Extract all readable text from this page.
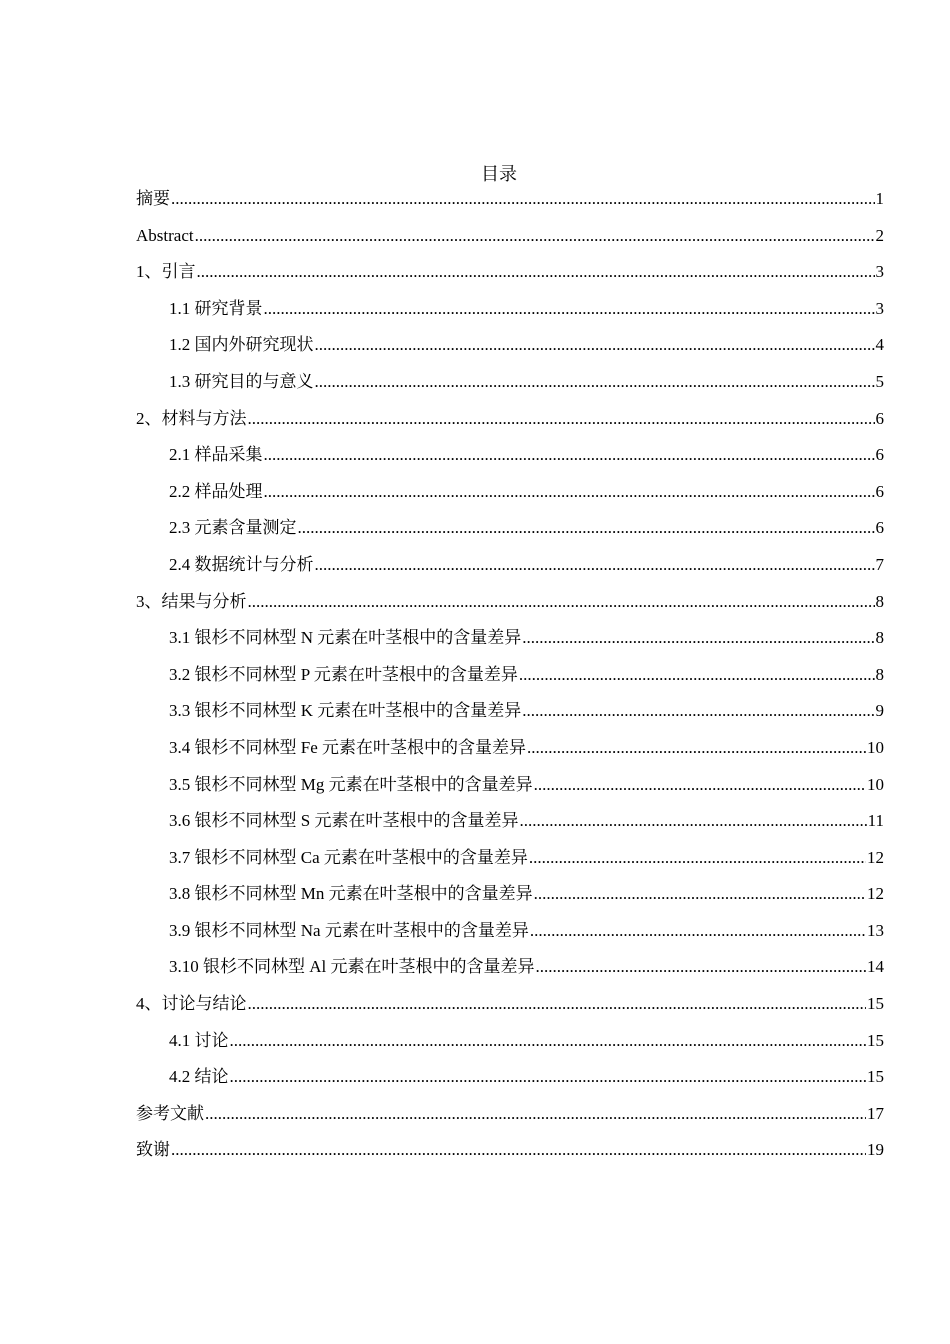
目录
摘要 .....	1
Abstract .....	2
1、引言 .....	3
1.1 研究背景 .....	3
1.2 国内外研究现状 .....	4
1.3 研究目的与意义 .....	5
2、材料与方法 .....	6
2.1 样品采集 .....	6
2.2 样品处理 .....	6
2.3 元素含量测定 .....	6
2.4 数据统计与分析 .....	7
3、结果与分析 .....	8
3.1 银杉不同林型 N 元素在叶茎根中的含量差异 .....	8
3.2 银杉不同林型 P 元素在叶茎根中的含量差异 .....	8
3.3 银杉不同林型 K 元素在叶茎根中的含量差异 .....	9
3.4 银杉不同林型 Fe 元素在叶茎根中的含量差异 .....	10
3.5 银杉不同林型 Mg 元素在叶茎根中的含量差异 .....	10
3.6 银杉不同林型 S 元素在叶茎根中的含量差异 .....	11
3.7 银杉不同林型 Ca 元素在叶茎根中的含量差异 .....	12
3.8 银杉不同林型 Mn 元素在叶茎根中的含量差异 .....	12
3.9 银杉不同林型 Na 元素在叶茎根中的含量差异 .....	13
3.10 银杉不同林型 Al 元素在叶茎根中的含量差异 .....	14
4、讨论与结论 .....	15
4.1 讨论 .....	15
4.2 结论 .....	15
参考文献 .....	17
致谢 .....	19
